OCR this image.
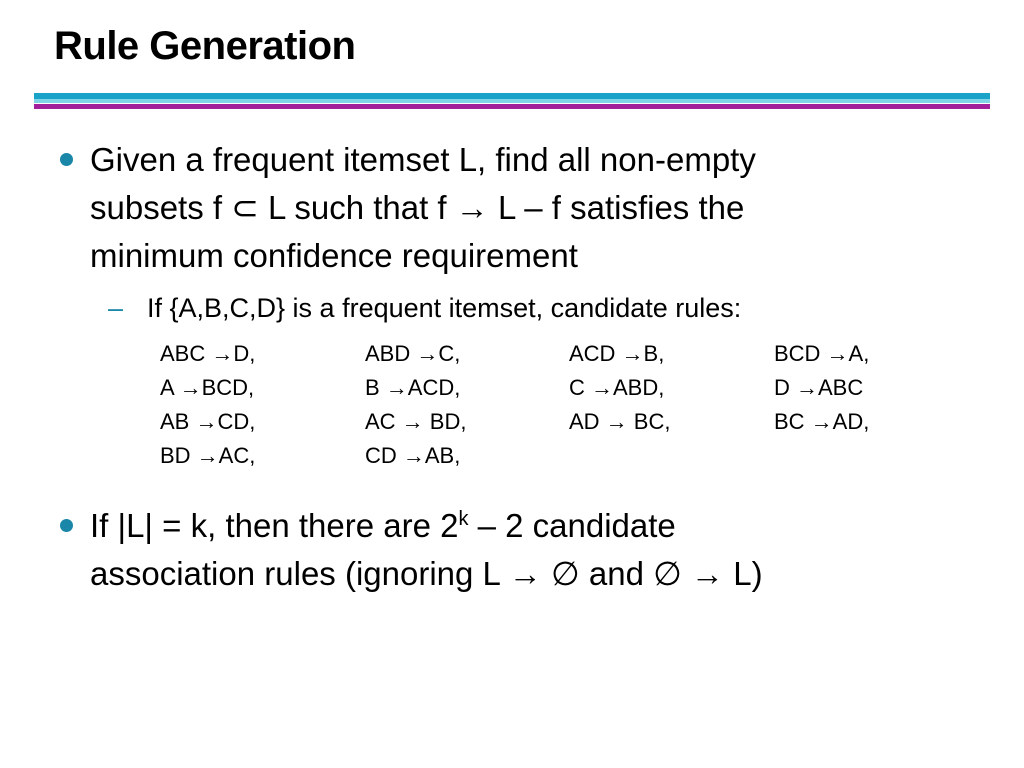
Rule Generation
Given a frequent itemset L, find all non-empty
subsets f ⊂ L such that f → L – f satisfies the
minimum confidence requirement
– If {A,B,C,D} is a frequent itemset, candidate rules:
ABC →D,	ABD →C,	ACD →B,	BCD →A,
A →BCD,	B →ACD,	C →ABD,	D →ABC
AB →CD,	AC → BD,	AD → BC,	BC →AD,
BD →AC,	CD →AB,
If |L| = k, then there are 2$^k$ – 2 candidate
association rules (ignoring L → ∅ and ∅ → L)
